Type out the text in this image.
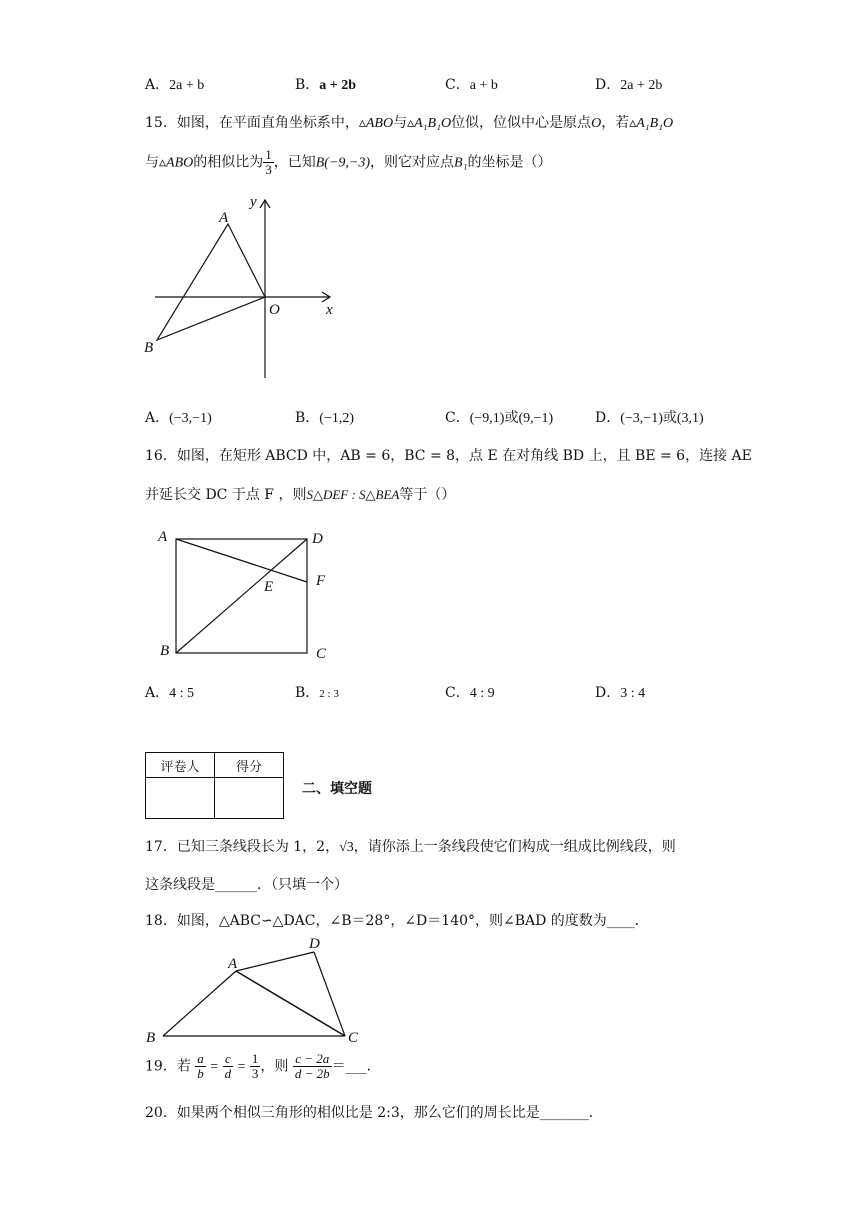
A．2a + b	B．a + 2b	C．a + b	D．2a + 2b
15．如图，在平面直角坐标系中，▵ABO与▵A₁B₁O位似，位似中心是原点O，若▵A₁B₁O
与▵ABO的相似比为 $\frac{1}{3}$ ，已知B(−9,−3)，则它对应点B₁的坐标是（）
A
B
O	x
y
A．(−3,−1)	B．(−1,2)	C．(−9,1)或(9,−1)	D．(−3,−1)或(3,1)
16．如图，在矩形 ABCD 中，AB = 6，BC = 8，点 E 在对角线 BD 上，且 BE = 6，连接 AE
并延长交 DC 于点 F ，则S△DEF : S△BEA等于（）
A	D
F
E
B	C
A．4 : 5	B．2 : 3	C．4 : 9	D．3 : 4
评卷人	得分

二、填空题
17．已知三条线段长为 1，2，√3，请你添上一条线段使它们构成一组成比例线段，则
这条线段是______．（只填一个）
18．如图，△ABC∽△DAC，∠B＝28°，∠D＝140°，则∠BAD 的度数为____．
A
D
B	C
19．若 $\frac{a}{b} = \frac{c}{d} = \frac{1}{3}$ ，则 $\frac{c - 2a}{d - 2b}$ ＝___．
20．如果两个相似三角形的相似比是 2:3，那么它们的周长比是_______．
